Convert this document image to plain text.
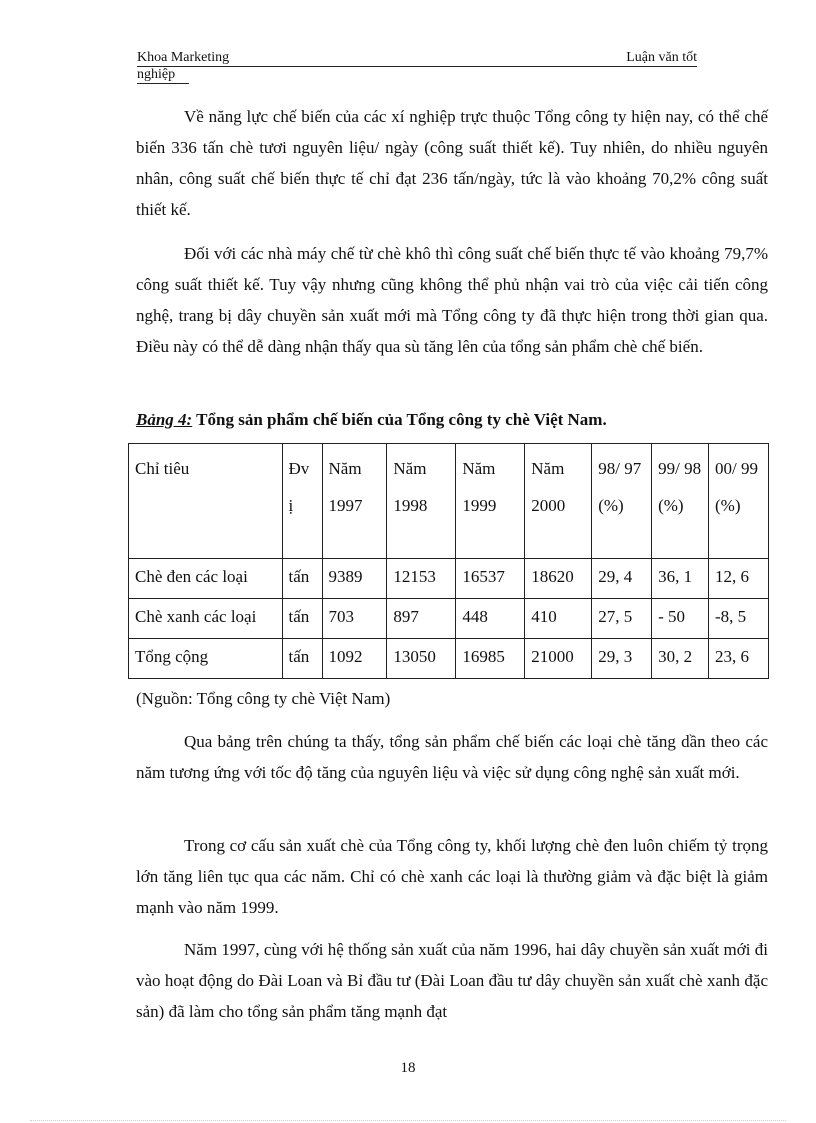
Khoa Marketing	Luận văn tốt
nghiệp

Về năng lực chế biến của các xí nghiệp trực thuộc Tổng công ty hiện nay, có thể chế biến 336 tấn chè tươi nguyên liệu/ ngày (công suất thiết kế). Tuy nhiên, do nhiều nguyên nhân, công suất chế biến thực tế chỉ đạt 236 tấn/ngày, tức là vào khoảng 70,2% công suất thiết kế.

Đối với các nhà máy chế từ chè khô thì công suất chế biến thực tế vào khoảng 79,7% công suất thiết kế. Tuy vậy nhưng cũng không thể phủ nhận vai trò của việc cải tiến công nghệ, trang bị dây chuyền sản xuất mới mà Tổng công ty đã thực hiện trong thời gian qua. Điều này có thể dễ dàng nhận thấy qua sù tăng lên của tổng sản phẩm chè chế biến.

Bảng 4: Tổng sản phẩm chế biến của Tổng công ty chè Việt Nam.
Chỉ tiêu	Đv ị	Năm 1997	Năm 1998	Năm 1999	Năm 2000	98/ 97 (%)	99/ 98 (%)	00/ 99 (%)
Chè đen các loại	tấn	9389	12153	16537	18620	29, 4	36, 1	12, 6
Chè xanh các loại	tấn	703	897	448	410	27, 5	- 50	-8, 5
Tổng cộng	tấn	1092	13050	16985	21000	29, 3	30, 2	23, 6
(Nguồn: Tổng công ty chè Việt Nam)

Qua bảng trên chúng ta thấy, tổng sản phẩm chế biến các loại chè tăng dần theo các năm tương ứng với tốc độ tăng của nguyên liệu và việc sử dụng công nghệ sản xuất mới.

Trong cơ cấu sản xuất chè của Tổng công ty, khối lượng chè đen luôn chiếm tỷ trọng lớn tăng liên tục qua các năm. Chỉ có chè xanh các loại là thường giảm và đặc biệt là giảm mạnh vào năm 1999.

Năm 1997, cùng với hệ thống sản xuất của năm 1996, hai dây chuyền sản xuất mới đi vào hoạt động do Đài Loan và Bỉ đầu tư (Đài Loan đầu tư dây chuyền sản xuất chè xanh đặc sản) đã làm cho tổng sản phẩm tăng mạnh đạt

18
